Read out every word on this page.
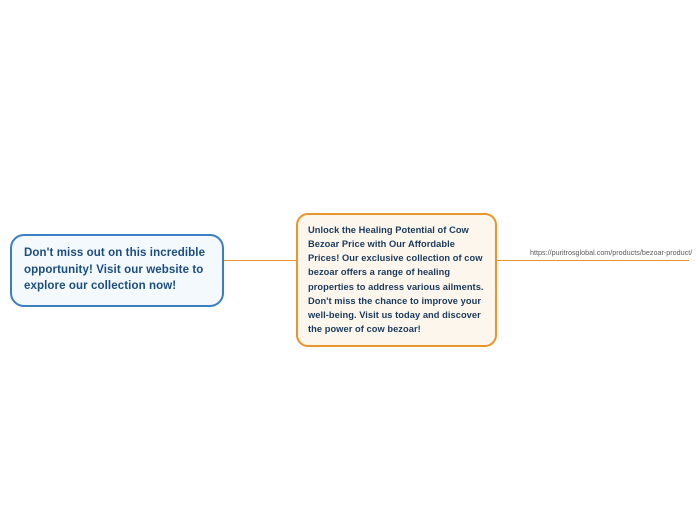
Don't miss out on this incredible opportunity! Visit our website to explore our collection now!
Unlock the Healing Potential of Cow Bezoar Price with Our Affordable Prices! Our exclusive collection of cow bezoar offers a range of healing properties to address various ailments. Don't miss the chance to improve your well-being. Visit us today and discover the power of cow bezoar!
https://puritrosglobal.com/products/bezoar-product/
